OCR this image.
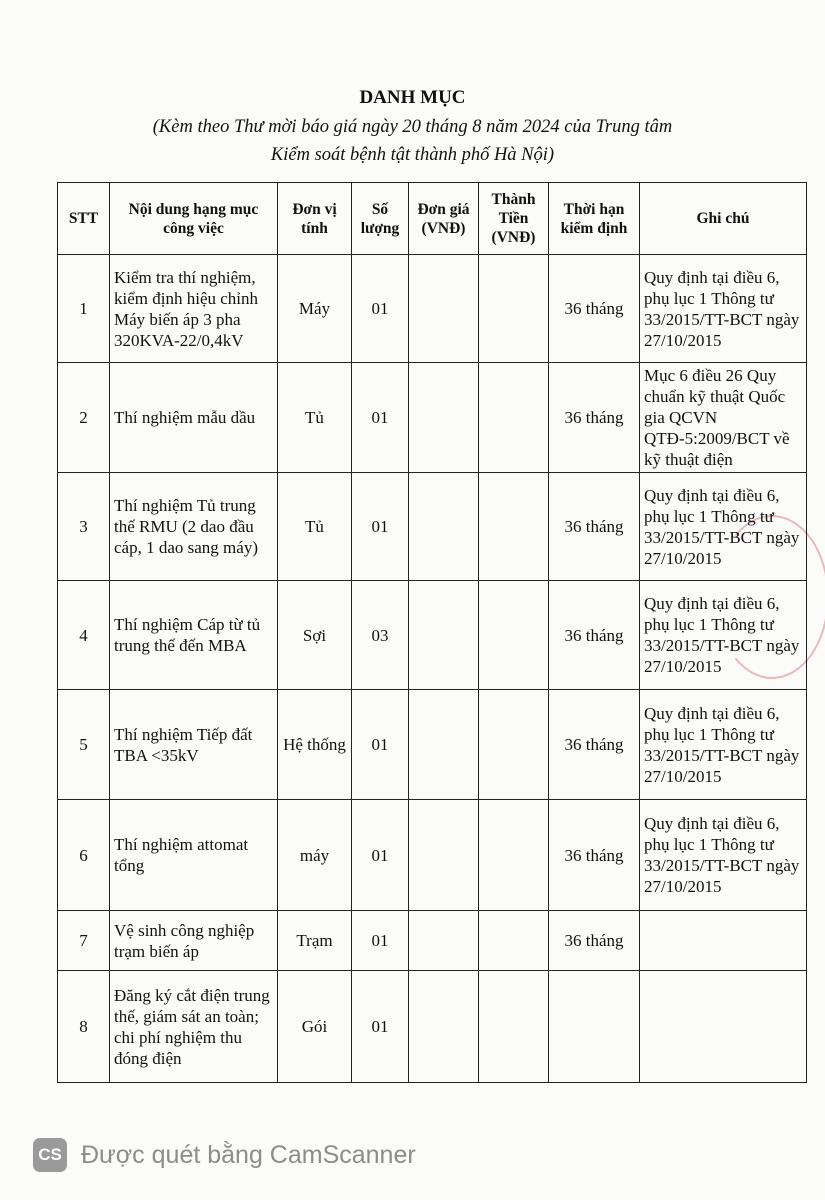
DANH MỤC
(Kèm theo Thư mời báo giá ngày 20 tháng 8 năm 2024 của Trung tâm
Kiểm soát bệnh tật thành phố Hà Nội)
STT	Nội dung hạng mục công việc	Đơn vị tính	Số lượng	Đơn giá (VNĐ)	Thành Tiền (VNĐ)	Thời hạn kiểm định	Ghi chú
1	Kiểm tra thí nghiệm, kiểm định hiệu chỉnh Máy biến áp 3 pha 320KVA-22/0,4kV	Máy	01			36 tháng	Quy định tại điều 6, phụ lục 1 Thông tư 33/2015/TT-BCT ngày 27/10/2015
2	Thí nghiệm mẫu dầu	Tủ	01			36 tháng	Mục 6 điều 26 Quy chuẩn kỹ thuật Quốc gia QCVN QTĐ-5:2009/BCT về kỹ thuật điện
3	Thí nghiệm Tủ trung thế RMU (2 dao đầu cáp, 1 dao sang máy)	Tủ	01			36 tháng	Quy định tại điều 6, phụ lục 1 Thông tư 33/2015/TT-BCT ngày 27/10/2015
4	Thí nghiệm Cáp từ tủ trung thế đến MBA	Sợi	03			36 tháng	Quy định tại điều 6, phụ lục 1 Thông tư 33/2015/TT-BCT ngày 27/10/2015
5	Thí nghiệm Tiếp đất TBA <35kV	Hệ thống	01			36 tháng	Quy định tại điều 6, phụ lục 1 Thông tư 33/2015/TT-BCT ngày 27/10/2015
6	Thí nghiệm attomat tổng	máy	01			36 tháng	Quy định tại điều 6, phụ lục 1 Thông tư 33/2015/TT-BCT ngày 27/10/2015
7	Vệ sinh công nghiệp trạm biến áp	Trạm	01			36 tháng	
8	Đăng ký cắt điện trung thế, giám sát an toàn; chi phí nghiệm thu đóng điện	Gói	01				
CS Được quét bằng CamScanner
